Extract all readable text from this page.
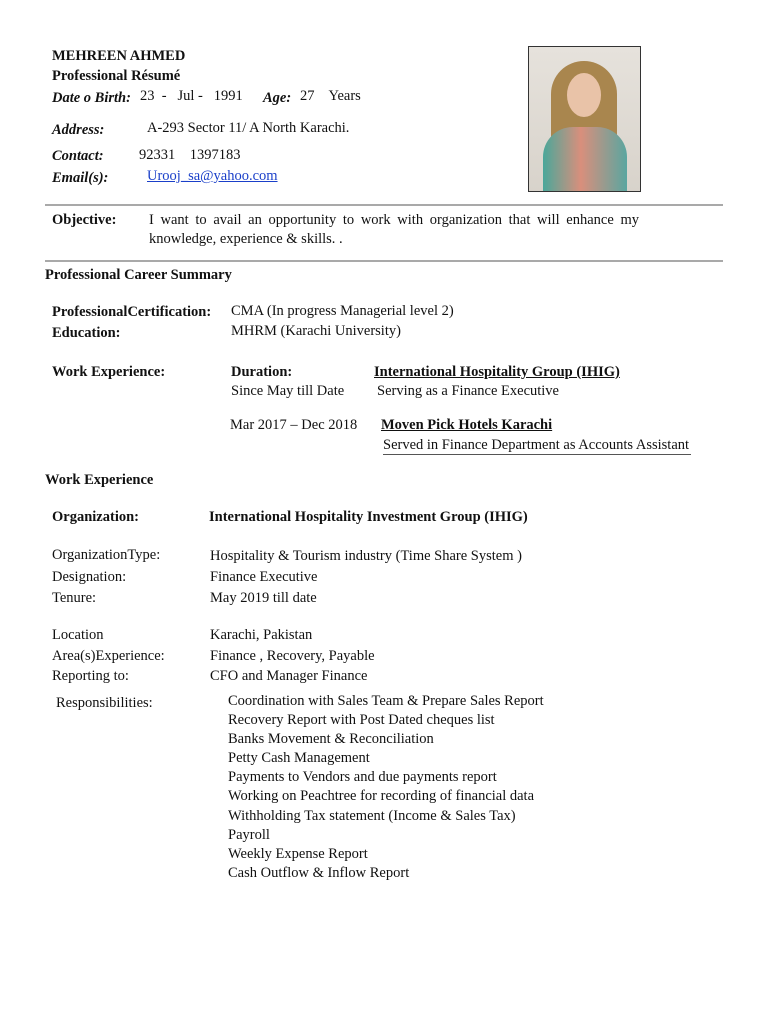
MEHREEN AHMED
Professional Résumé
Date o Birth: 23  -   Jul -   1991 Age: 27    Years
Address:	A-293 Sector 11/ A North Karachi.
Contact: 92331    1397183
Email(s):	Urooj_sa@yahoo.com
Objective: I want to avail an opportunity to work with organization that will enhance my
knowledge, experience & skills. .
Professional Career Summary
ProfessionalCertification: CMA (In progress Managerial level 2)
Education:	MHRM (Karachi University)
Work Experience:	Duration:	International Hospitality Group (IHIG)
Since May till Date Serving as a Finance Executive
Mar 2017 – Dec 2018 Moven Pick Hotels Karachi
Served in Finance Department as Accounts Assistant
Work Experience
Organization:	International Hospitality Investment Group (IHIG)
OrganizationType:	Hospitality & Tourism industry (Time Share System )
Designation:	Finance Executive
Tenure:	May 2019 till date
Location	Karachi, Pakistan
Area(s)Experience:	Finance , Recovery, Payable
Reporting to:	CFO and Manager Finance
Responsibilities:	Coordination with Sales Team & Prepare Sales Report
Recovery Report with Post Dated cheques list
Banks Movement & Reconciliation
Petty Cash Management
Payments to Vendors and due payments report
Working on Peachtree for recording of financial data
Withholding Tax statement (Income & Sales Tax)
Payroll
Weekly Expense Report
Cash Outflow & Inflow Report
